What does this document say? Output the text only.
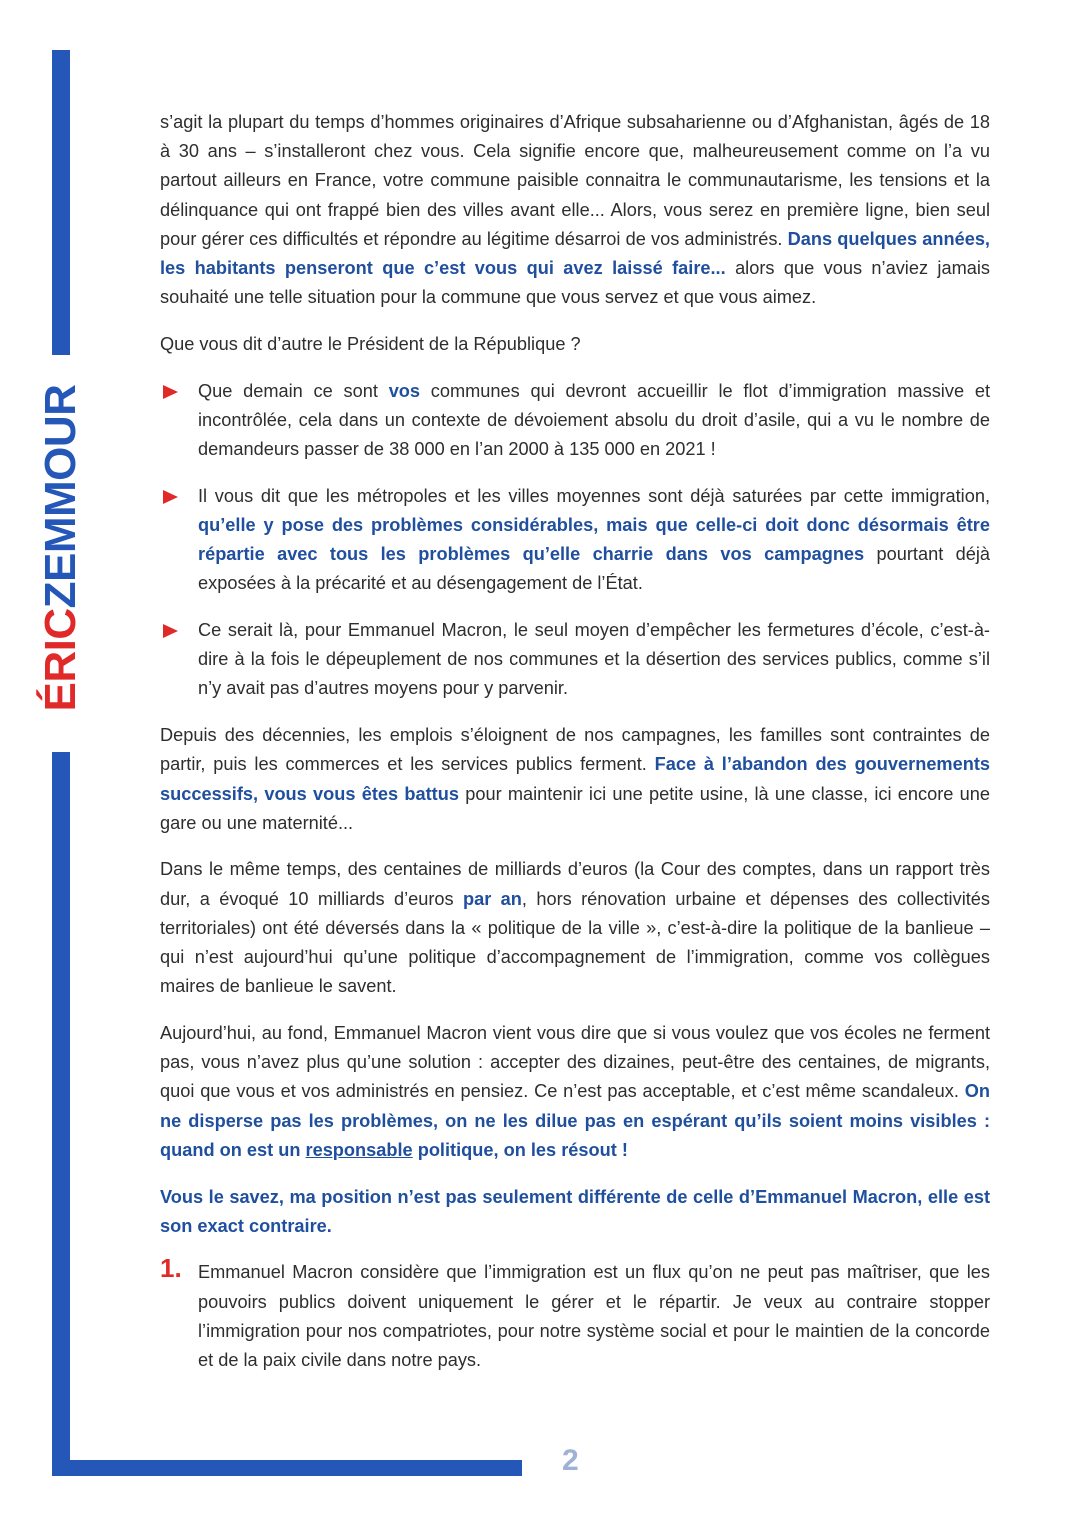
ÉRICZEMMOUR
2

s’agit la plupart du temps d’hommes originaires d’Afrique subsaharienne ou d’Afghanistan, âgés de 18 à 30 ans – s’installeront chez vous. Cela signifie encore que, malheureusement comme on l’a vu partout ailleurs en France, votre commune paisible connaitra le communautarisme, les tensions et la délinquance qui ont frappé bien des villes avant elle... Alors, vous serez en première ligne, bien seul pour gérer ces difficultés et répondre au légitime désarroi de vos administrés. Dans quelques années, les habitants penseront que c’est vous qui avez laissé faire... alors que vous n’aviez jamais souhaité une telle situation pour la commune que vous servez et que vous aimez.

Que vous dit d’autre le Président de la République ?

Que demain ce sont vos communes qui devront accueillir le flot d’immigration massive et incontrôlée, cela dans un contexte de dévoiement absolu du droit d’asile, qui a vu le nombre de demandeurs passer de 38 000 en l’an 2000 à 135 000 en 2021 !
Il vous dit que les métropoles et les villes moyennes sont déjà saturées par cette immigration, qu’elle y pose des problèmes considérables, mais que celle-ci doit donc désormais être répartie avec tous les problèmes qu’elle charrie dans vos campagnes pourtant déjà exposées à la précarité et au désengagement de l’État.
Ce serait là, pour Emmanuel Macron, le seul moyen d’empêcher les fermetures d’école, c’est-à-dire à la fois le dépeuplement de nos communes et la désertion des services publics, comme s’il n’y avait pas d’autres moyens pour y parvenir.

Depuis des décennies, les emplois s’éloignent de nos campagnes, les familles sont contraintes de partir, puis les commerces et les services publics ferment. Face à l’abandon des gouvernements successifs, vous vous êtes battus pour maintenir ici une petite usine, là une classe, ici encore une gare ou une maternité...

Dans le même temps, des centaines de milliards d’euros (la Cour des comptes, dans un rapport très dur, a évoqué 10 milliards d’euros par an, hors rénovation urbaine et dépenses des collectivités territoriales) ont été déversés dans la « politique de la ville », c’est-à-dire la politique de la banlieue – qui n’est aujourd’hui qu’une politique d’accompagnement de l’immigration, comme vos collègues maires de banlieue le savent.

Aujourd’hui, au fond, Emmanuel Macron vient vous dire que si vous voulez que vos écoles ne ferment pas, vous n’avez plus qu’une solution : accepter des dizaines, peut-être des centaines, de migrants, quoi que vous et vos administrés en pensiez. Ce n’est pas acceptable, et c’est même scandaleux. On ne disperse pas les problèmes, on ne les dilue pas en espérant qu’ils soient moins visibles : quand on est un responsable politique, on les résout !

Vous le savez, ma position n’est pas seulement différente de celle d’Emmanuel Macron, elle est son exact contraire.

1. Emmanuel Macron considère que l’immigration est un flux qu’on ne peut pas maîtriser, que les pouvoirs publics doivent uniquement le gérer et le répartir. Je veux au contraire stopper l’immigration pour nos compatriotes, pour notre système social et pour le maintien de la concorde et de la paix civile dans notre pays.
